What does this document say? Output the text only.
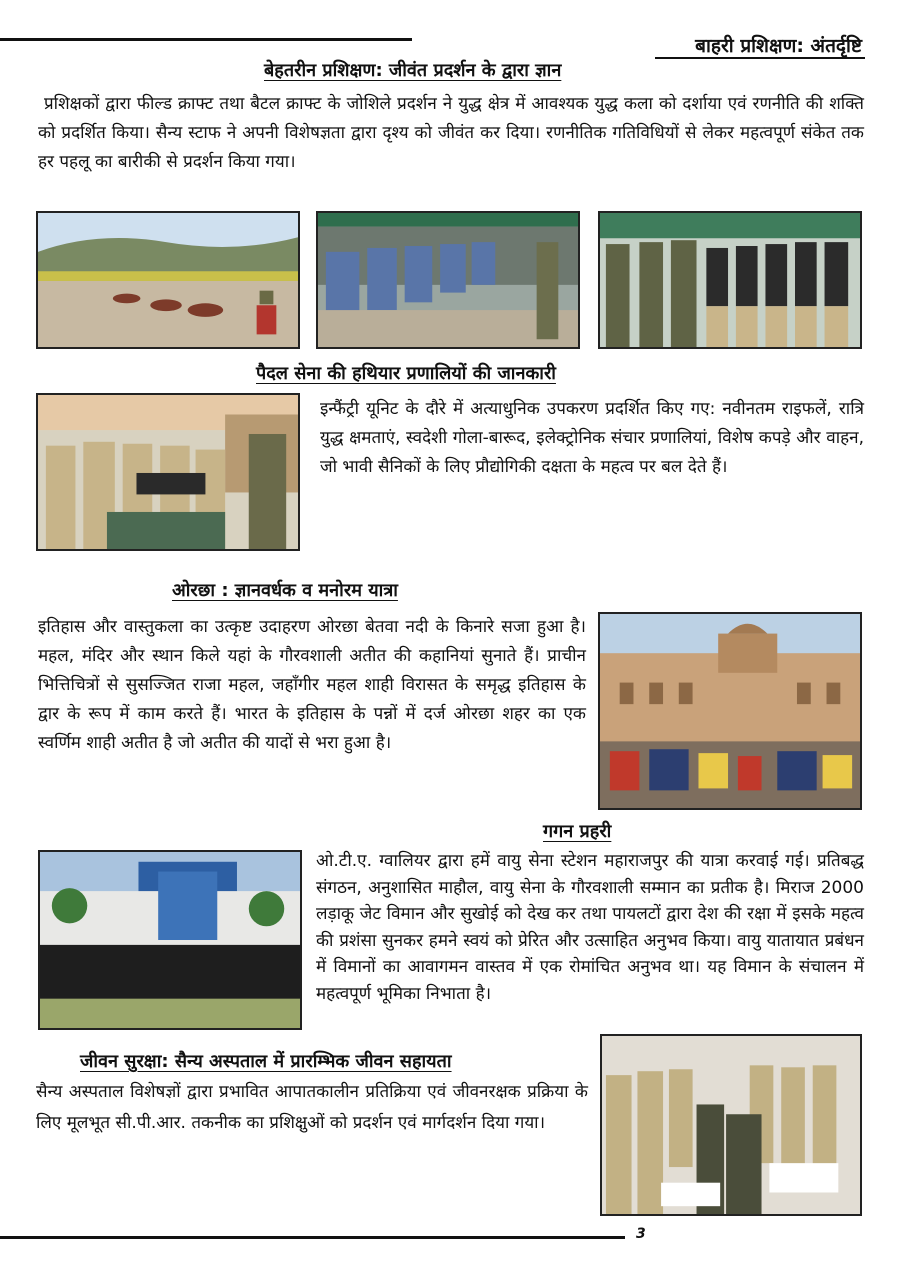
बाहरी प्रशिक्षण: अंतर्दृष्टि
बेहतरीन प्रशिक्षण: जीवंत प्रदर्शन के द्वारा ज्ञान
प्रशिक्षकों द्वारा फील्ड क्राफ्ट तथा बैटल क्राफ्ट के जोशिले प्रदर्शन ने युद्ध क्षेत्र में आवश्यक युद्ध कला को दर्शाया एवं रणनीति की शक्ति को प्रदर्शित किया। सैन्य स्टाफ ने अपनी विशेषज्ञता द्वारा दृश्य को जीवंत कर दिया। रणनीतिक गतिविधियों से लेकर महत्वपूर्ण संकेत तक हर पहलू का बारीकी से प्रदर्शन किया गया।
पैदल सेना की हथियार प्रणालियों की जानकारी
इन्फैंट्री यूनिट के दौरे में अत्याधुनिक उपकरण प्रदर्शित किए गए: नवीनतम राइफलें, रात्रि युद्ध क्षमताएं, स्वदेशी गोला-बारूद, इलेक्ट्रोनिक संचार प्रणालियां, विशेष कपड़े और वाहन, जो भावी सैनिकों के लिए प्रौद्योगिकी दक्षता के महत्व पर बल देते हैं।
ओरछा : ज्ञानवर्धक व मनोरम यात्रा
इतिहास और वास्तुकला का उत्कृष्ट उदाहरण ओरछा बेतवा नदी के किनारे सजा हुआ है। महल, मंदिर और स्थान किले यहां के गौरवशाली अतीत की कहानियां सुनाते हैं। प्राचीन भित्तिचित्रों से सुसज्जित राजा महल, जहाँगीर महल शाही विरासत के समृद्ध इतिहास के द्वार के रूप में काम करते हैं। भारत के इतिहास के पन्नों में दर्ज ओरछा शहर का एक स्वर्णिम शाही अतीत है जो अतीत की यादों से भरा हुआ है।
गगन प्रहरी
ओ.टी.ए. ग्वालियर द्वारा हमें वायु सेना स्टेशन महाराजपुर की यात्रा करवाई गई। प्रतिबद्ध संगठन, अनुशासित माहौल, वायु सेना के गौरवशाली सम्मान का प्रतीक है। मिराज 2000 लड़ाकू जेट विमान और सुखोई को देख कर तथा पायलटों द्वारा देश की रक्षा में इसके महत्व की प्रशंसा सुनकर हमने स्वयं को प्रेरित और उत्साहित अनुभव किया। वायु यातायात प्रबंधन में विमानों का आवागमन वास्तव में एक रोमांचित अनुभव था। यह विमान के संचालन में महत्वपूर्ण भूमिका निभाता है।
जीवन सुरक्षा: सैन्य अस्पताल में प्रारम्भिक जीवन सहायता
सैन्य अस्पताल विशेषज्ञों द्वारा प्रभावित आपातकालीन प्रतिक्रिया एवं जीवनरक्षक प्रक्रिया के लिए मूलभूत सी.पी.आर. तकनीक का प्रशिक्षुओं को प्रदर्शन एवं मार्गदर्शन दिया गया।
3
